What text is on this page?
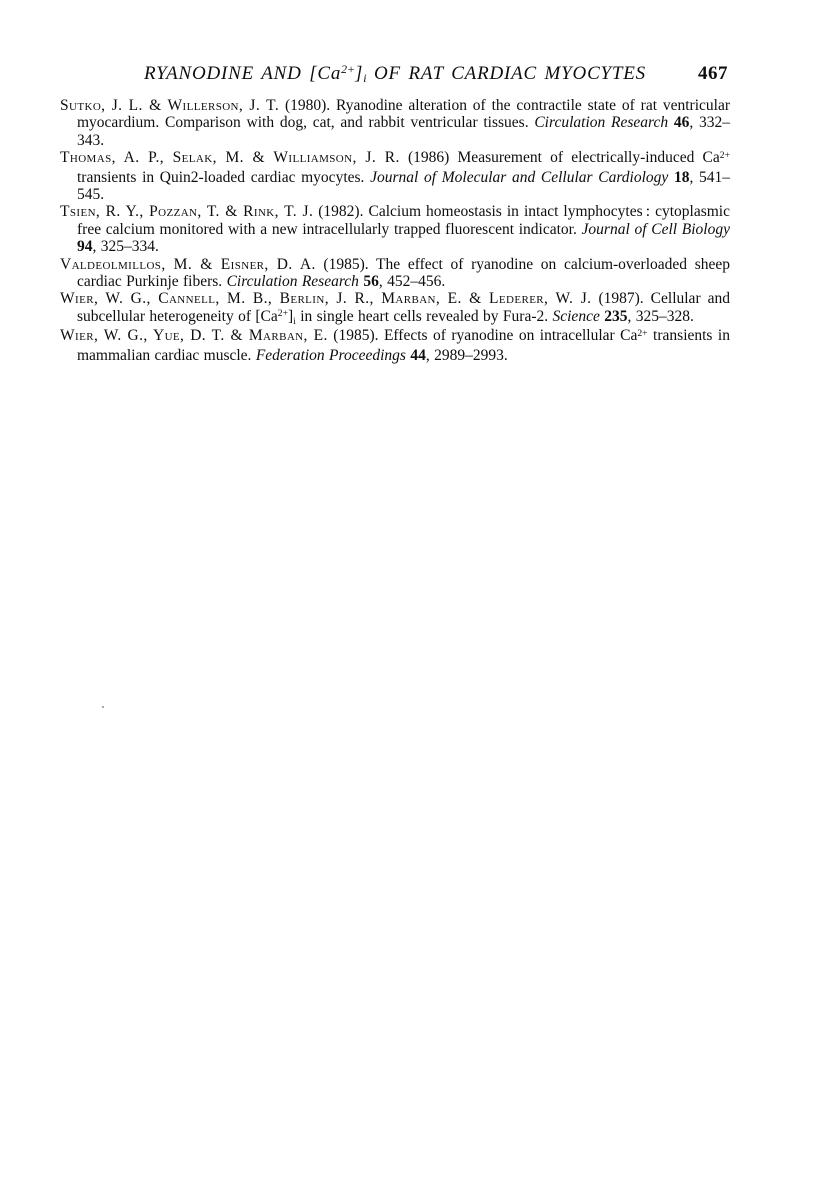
RYANODINE AND $[Ca^{2+}]i$ OF RAT CARDIAC MYOCYTES	467

Sutko, J. L. & Willerson, J. T. (1980). Ryanodine alteration of the contractile state of rat ventricular myocardium. Comparison with dog, cat, and rabbit ventricular tissues. Circulation Research 46, 332–343.

Thomas, A. P., Selak, M. & Williamson, J. R. (1986) Measurement of electrically-induced $Ca^{2+}$ transients in Quin2-loaded cardiac myocytes. Journal of Molecular and Cellular Cardiology 18, 541–545.

Tsien, R. Y., Pozzan, T. & Rink, T. J. (1982). Calcium homeostasis in intact lymphocytes : cytoplasmic free calcium monitored with a new intracellularly trapped fluorescent indicator. Journal of Cell Biology 94, 325–334.

Valdeolmillos, M. & Eisner, D. A. (1985). The effect of ryanodine on calcium-overloaded sheep cardiac Purkinje fibers. Circulation Research 56, 452–456.

Wier, W. G., Cannell, M. B., Berlin, J. R., Marban, E. & Lederer, W. J. (1987). Cellular and subcellular heterogeneity of $[Ca^{2+}]i$ in single heart cells revealed by Fura-2. Science 235, 325–328.

Wier, W. G., Yue, D. T. & Marban, E. (1985). Effects of ryanodine on intracellular $Ca^{2+}$ transients in mammalian cardiac muscle. Federation Proceedings 44, 2989–2993.
